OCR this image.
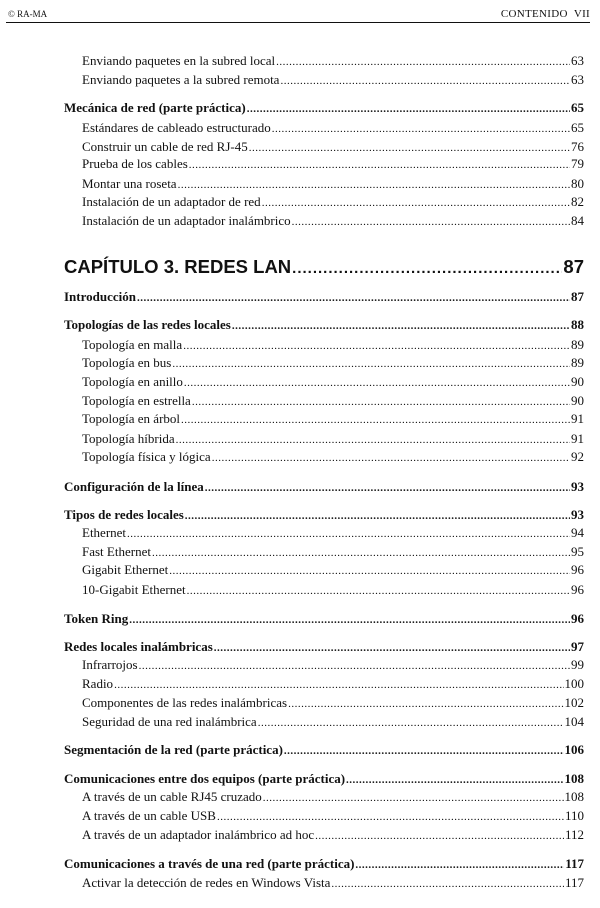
© RA-MA	CONTENIDO VII
Enviando paquetes en la subred local .....	63
Enviando paquetes a la subred remota .....	63
Mecánica de red (parte práctica) .....	65
Estándares de cableado estructurado .....	65
Construir un cable de red RJ-45 .....	76
Prueba de los cables .....	79
Montar una roseta .....	80
Instalación de un adaptador de red .....	82
Instalación de un adaptador inalámbrico .....	84
CAPÍTULO 3. REDES LAN .....	87
Introducción .....	87
Topologías de las redes locales .....	88
Topología en malla .....	89
Topología en bus .....	89
Topología en anillo .....	90
Topología en estrella .....	90
Topología en árbol .....	91
Topología híbrida .....	91
Topología física y lógica .....	92
Configuración de la línea .....	93
Tipos de redes locales .....	93
Ethernet .....	94
Fast Ethernet .....	95
Gigabit Ethernet .....	96
10-Gigabit Ethernet .....	96
Token Ring .....	96
Redes locales inalámbricas .....	97
Infrarrojos .....	99
Radio .....	100
Componentes de las redes inalámbricas .....	102
Seguridad de una red inalámbrica .....	104
Segmentación de la red (parte práctica) .....	106
Comunicaciones entre dos equipos (parte práctica) .....	108
A través de un cable RJ45 cruzado .....	108
A través de un cable USB .....	110
A través de un adaptador inalámbrico ad hoc .....	112
Comunicaciones a través de una red (parte práctica) .....	117
Activar la detección de redes en Windows Vista .....	117
